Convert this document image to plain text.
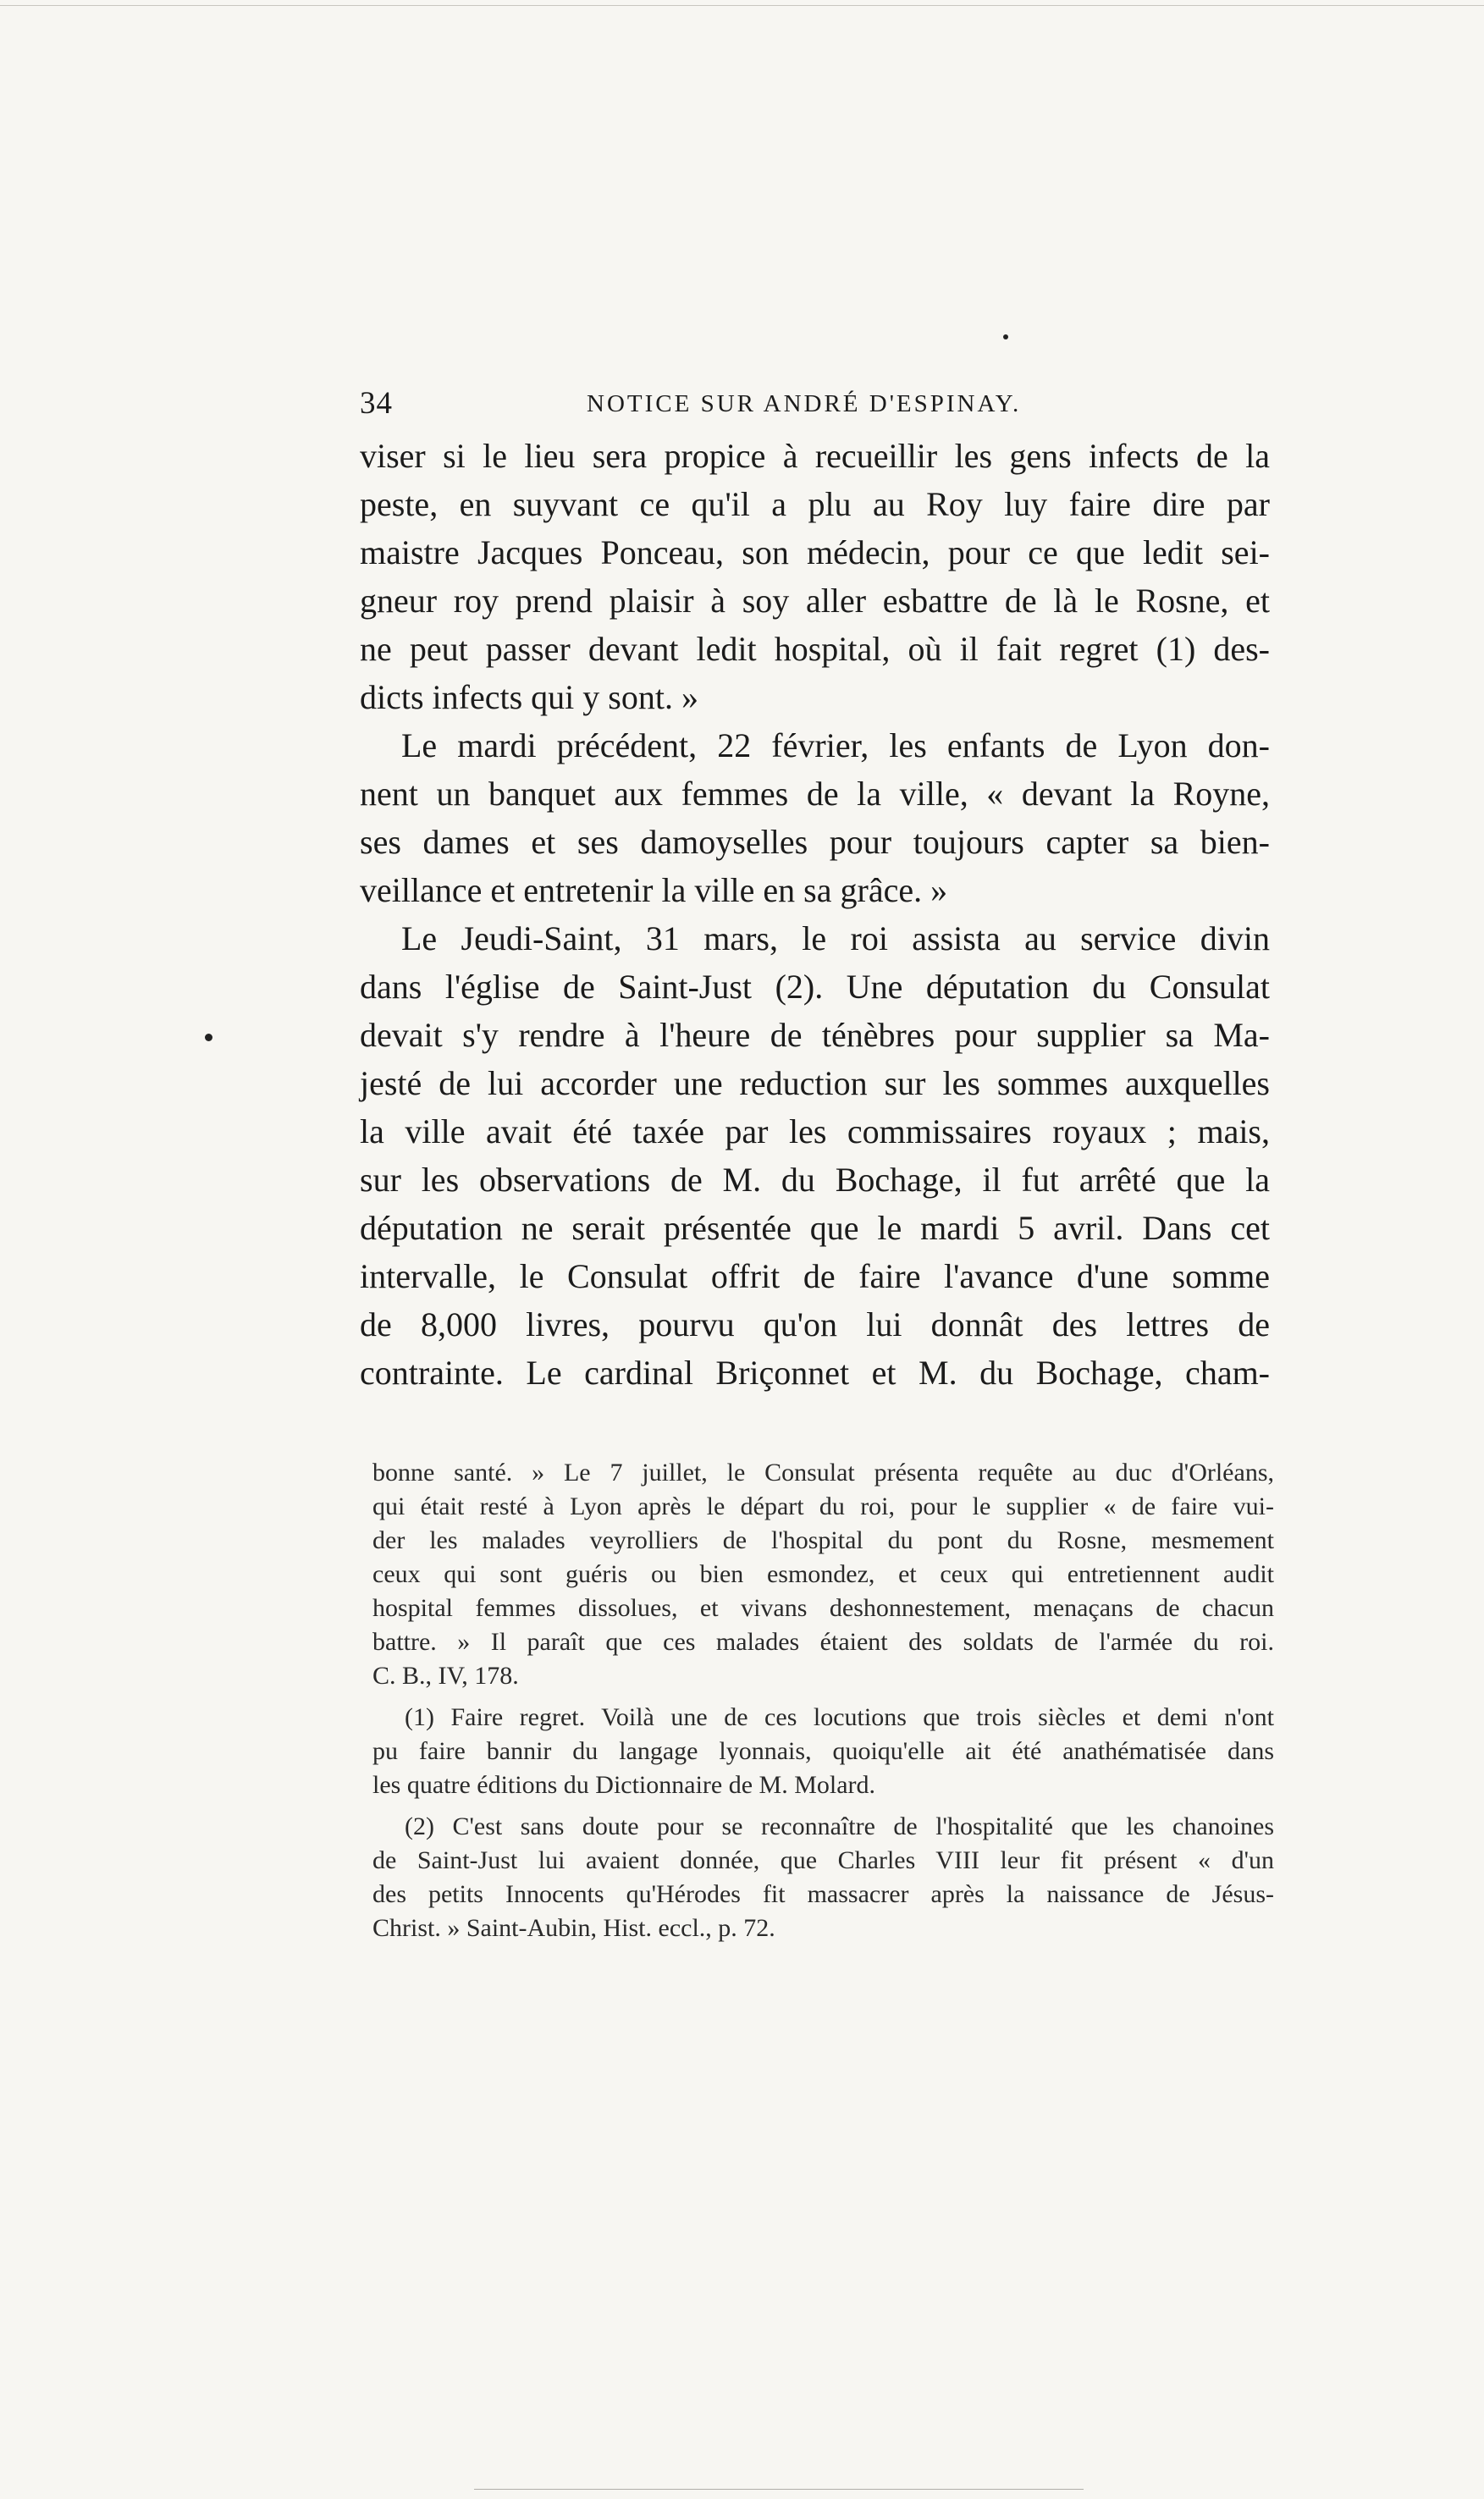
34	NOTICE SUR ANDRÉ D'ESPINAY.
viser si le lieu sera propice à recueillir les gens infects de la
peste, en suyvant ce qu'il a plu au Roy luy faire dire par
maistre Jacques Ponceau, son médecin, pour ce que ledit sei-
gneur roy prend plaisir à soy aller esbattre de là le Rosne, et
ne peut passer devant ledit hospital, où il fait regret (1) des-
dicts infects qui y sont. »
Le mardi précédent, 22 février, les enfants de Lyon don-
nent un banquet aux femmes de la ville, « devant la Royne,
ses dames et ses damoyselles pour toujours capter sa bien-
veillance et entretenir la ville en sa grâce. »
Le Jeudi-Saint, 31 mars, le roi assista au service divin
dans l'église de Saint-Just (2). Une députation du Consulat
devait s'y rendre à l'heure de ténèbres pour supplier sa Ma-
jesté de lui accorder une reduction sur les sommes auxquelles
la ville avait été taxée par les commissaires royaux ; mais,
sur les observations de M. du Bochage, il fut arrêté que la
députation ne serait présentée que le mardi 5 avril. Dans cet
intervalle, le Consulat offrit de faire l'avance d'une somme
de 8,000 livres, pourvu qu'on lui donnât des lettres de
contrainte. Le cardinal Briçonnet et M. du Bochage, cham-
bonne santé. » Le 7 juillet, le Consulat présenta requête au duc d'Orléans,
qui était resté à Lyon après le départ du roi, pour le supplier « de faire vui-
der les malades veyrolliers de l'hospital du pont du Rosne, mesmement
ceux qui sont guéris ou bien esmondez, et ceux qui entretiennent audit
hospital femmes dissolues, et vivans deshonnestement, menaçans de chacun
battre. » Il paraît que ces malades étaient des soldats de l'armée du roi.
C. B., IV, 178.
(1) Faire regret. Voilà une de ces locutions que trois siècles et demi n'ont
pu faire bannir du langage lyonnais, quoiqu'elle ait été anathématisée dans
les quatre éditions du Dictionnaire de M. Molard.
(2) C'est sans doute pour se reconnaître de l'hospitalité que les chanoines
de Saint-Just lui avaient donnée, que Charles VIII leur fit présent « d'un
des petits Innocents qu'Hérodes fit massacrer après la naissance de Jésus-
Christ. » Saint-Aubin, Hist. eccl., p. 72.
